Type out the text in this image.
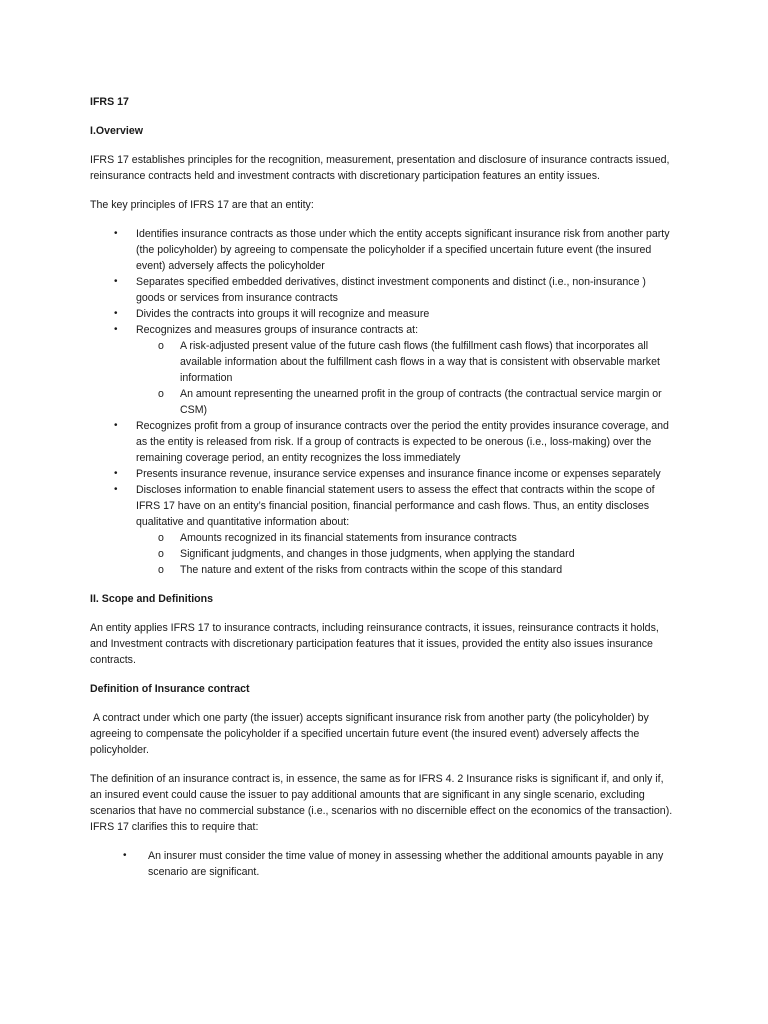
IFRS 17

I.Overview

IFRS 17 establishes principles for the recognition, measurement, presentation and disclosure of insurance contracts issued, reinsurance contracts held and investment contracts with discretionary participation features an entity issues.

The key principles of IFRS 17 are that an entity:

• Identifies insurance contracts as those under which the entity accepts significant insurance risk from another party (the policyholder) by agreeing to compensate the policyholder if a specified uncertain future event (the insured event) adversely affects the policyholder
• Separates specified embedded derivatives, distinct investment components and distinct (i.e., non-insurance ) goods or services from insurance contracts
• Divides the contracts into groups it will recognize and measure
• Recognizes and measures groups of insurance contracts at:
o A risk-adjusted present value of the future cash flows (the fulfillment cash flows) that incorporates all available information about the fulfillment cash flows in a way that is consistent with observable market information
o An amount representing the unearned profit in the group of contracts (the contractual service margin or CSM)
• Recognizes profit from a group of insurance contracts over the period the entity provides insurance coverage, and as the entity is released from risk. If a group of contracts is expected to be onerous (i.e., loss-making) over the remaining coverage period, an entity recognizes the loss immediately
• Presents insurance revenue, insurance service expenses and insurance finance income or expenses separately
• Discloses information to enable financial statement users to assess the effect that contracts within the scope of IFRS 17 have on an entity’s financial position, financial performance and cash flows. Thus, an entity discloses qualitative and quantitative information about:
o Amounts recognized in its financial statements from insurance contracts
o Significant judgments, and changes in those judgments, when applying the standard
o The nature and extent of the risks from contracts within the scope of this standard

II. Scope and Definitions

An entity applies IFRS 17 to insurance contracts, including reinsurance contracts, it issues, reinsurance contracts it holds, and Investment contracts with discretionary participation features that it issues, provided the entity also issues insurance contracts.

Definition of Insurance contract

A contract under which one party (the issuer) accepts significant insurance risk from another party (the policyholder) by agreeing to compensate the policyholder if a specified uncertain future event (the insured event) adversely affects the policyholder.

The definition of an insurance contract is, in essence, the same as for IFRS 4. 2 Insurance risks is significant if, and only if, an insured event could cause the issuer to pay additional amounts that are significant in any single scenario, excluding scenarios that have no commercial substance (i.e., scenarios with no discernible effect on the economics of the transaction). IFRS 17 clarifies this to require that:

• An insurer must consider the time value of money in assessing whether the additional amounts payable in any scenario are significant.
